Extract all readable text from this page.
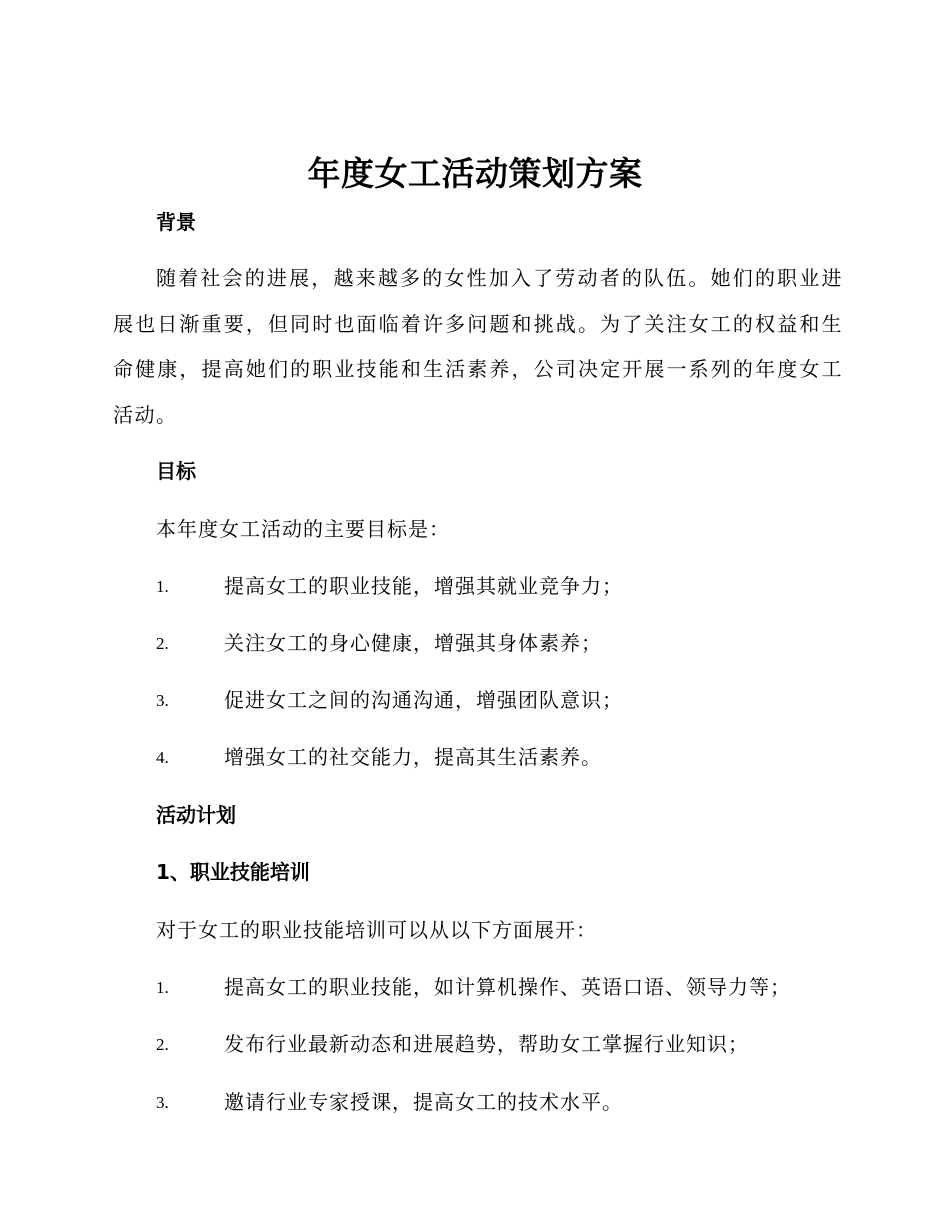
年度女工活动策划方案
背景
随着社会的进展，越来越多的女性加入了劳动者的队伍。她们的职业进展也日渐重要，但同时也面临着许多问题和挑战。为了关注女工的权益和生命健康，提高她们的职业技能和生活素养，公司决定开展一系列的年度女工活动。
目标
本年度女工活动的主要目标是：
1.	提高女工的职业技能，增强其就业竞争力；
2.	关注女工的身心健康，增强其身体素养；
3.	促进女工之间的沟通沟通，增强团队意识；
4.	增强女工的社交能力，提高其生活素养。
活动计划
1、职业技能培训
对于女工的职业技能培训可以从以下方面展开：
1.	提高女工的职业技能，如计算机操作、英语口语、领导力等；
2.	发布行业最新动态和进展趋势，帮助女工掌握行业知识；
3.	邀请行业专家授课，提高女工的技术水平。
